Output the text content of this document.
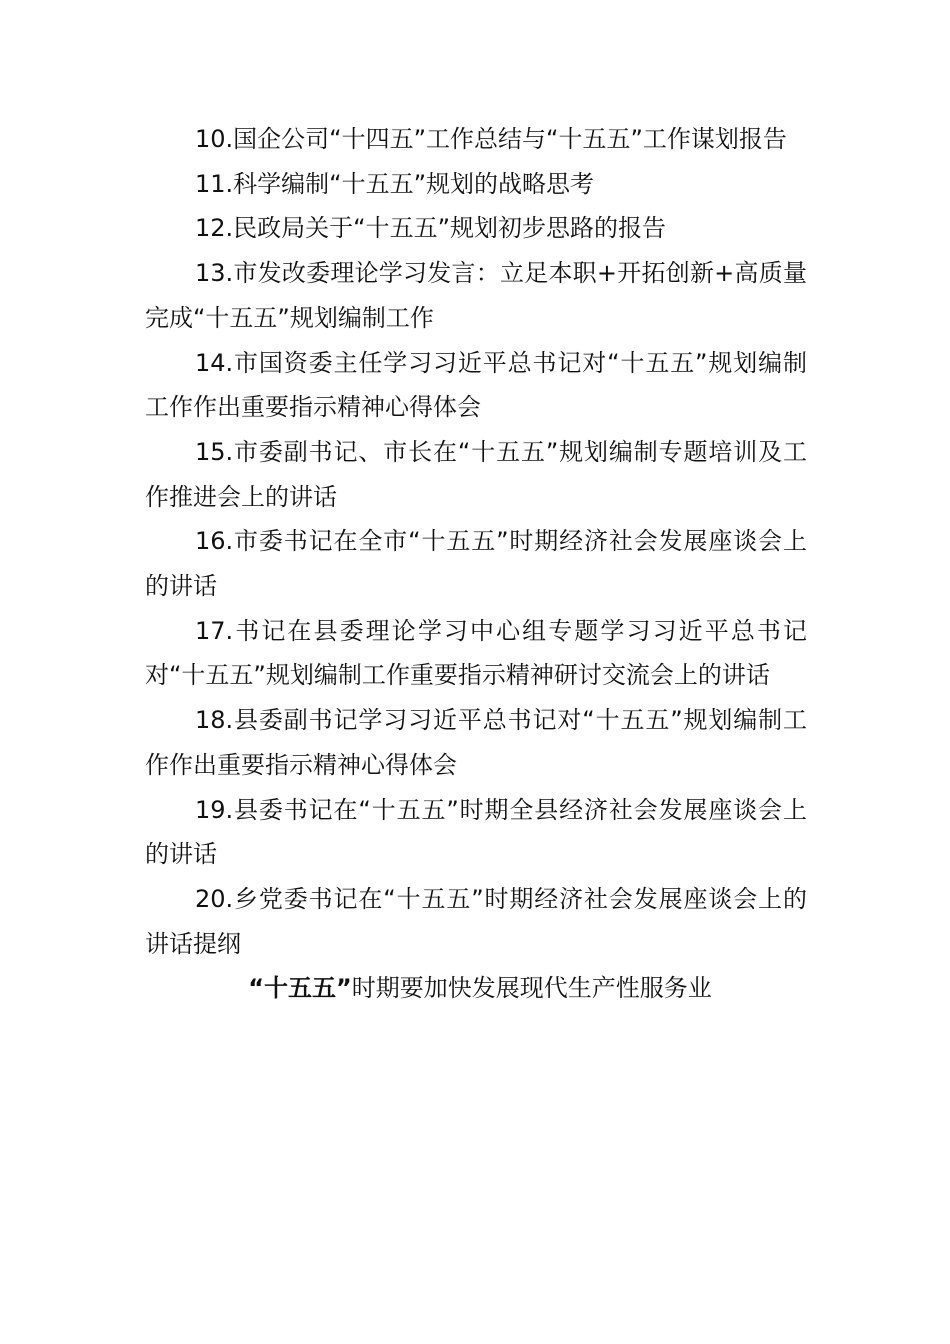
10.国企公司“十四五”工作总结与“十五五”工作谋划报告

11.科学编制“十五五”规划的战略思考

12.民政局关于“十五五”规划初步思路的报告

13.市发改委理论学习发言：立足本职+开拓创新+高质量完成“十五五”规划编制工作

14.市国资委主任学习习近平总书记对“十五五”规划编制工作作出重要指示精神心得体会

15.市委副书记、市长在“十五五”规划编制专题培训及工作推进会上的讲话

16.市委书记在全市“十五五”时期经济社会发展座谈会上的讲话

17.书记在县委理论学习中心组专题学习习近平总书记对“十五五”规划编制工作重要指示精神研讨交流会上的讲话

18.县委副书记学习习近平总书记对“十五五”规划编制工作作出重要指示精神心得体会

19.县委书记在“十五五”时期全县经济社会发展座谈会上的讲话

20.乡党委书记在“十五五”时期经济社会发展座谈会上的讲话提纲

“十五五”时期要加快发展现代生产性服务业
